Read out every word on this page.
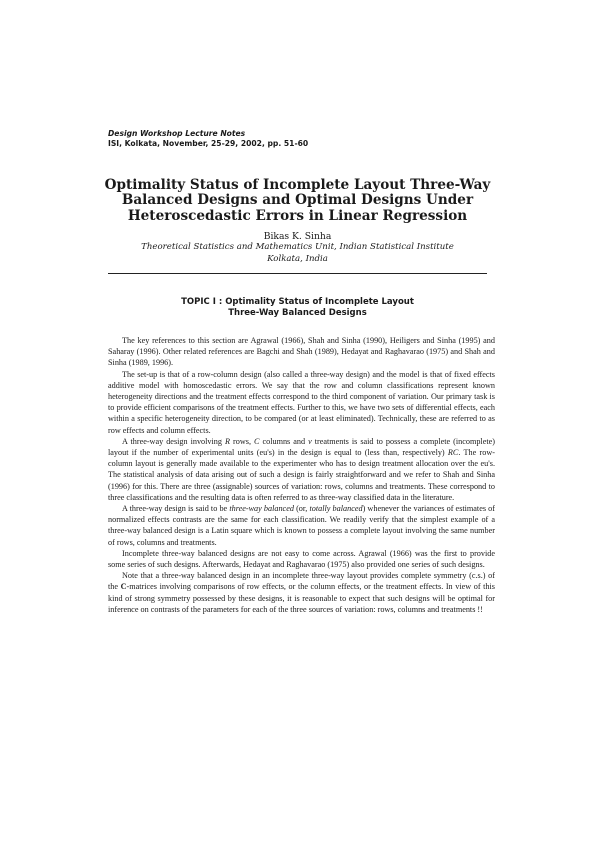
Design Workshop Lecture Notes
ISI, Kolkata, November, 25-29, 2002, pp. 51-60
Optimality Status of Incomplete Layout Three-Way
Balanced Designs and Optimal Designs Under
Heteroscedastic Errors in Linear Regression
Bikas K. Sinha
Theoretical Statistics and Mathematics Unit, Indian Statistical Institute
Kolkata, India
TOPIC I : Optimality Status of Incomplete Layout
Three-Way Balanced Designs

The key references to this section are Agrawal (1966), Shah and Sinha (1990), Heiligers and Sinha (1995) and Saharay (1996). Other related references are Bagchi and Shah (1989), Hedayat and Raghavarao (1975) and Shah and Sinha (1989, 1996).

The set-up is that of a row-column design (also called a three-way design) and the model is that of fixed effects additive model with homoscedastic errors. We say that the row and column classifications represent known heterogeneity directions and the treatment effects correspond to the third component of variation. Our primary task is to provide efficient comparisons of the treatment effects. Further to this, we have two sets of differential effects, each within a specific heterogeneity direction, to be compared (or at least eliminated). Technically, these are referred to as row effects and column effects.

A three-way design involving R rows, C columns and v treatments is said to possess a complete (incomplete) layout if the number of experimental units (eu's) in the design is equal to (less than, respectively) RC. The row-column layout is generally made available to the experimenter who has to design treatment allocation over the eu's. The statistical analysis of data arising out of such a design is fairly straightforward and we refer to Shah and Sinha (1996) for this. There are three (assignable) sources of variation: rows, columns and treatments. These correspond to three classifications and the resulting data is often referred to as three-way classified data in the literature.

A three-way design is said to be three-way balanced (or, totally balanced) whenever the variances of estimates of normalized effects contrasts are the same for each classification. We readily verify that the simplest example of a three-way balanced design is a Latin square which is known to possess a complete layout involving the same number of rows, columns and treatments.

Incomplete three-way balanced designs are not easy to come across. Agrawal (1966) was the first to provide some series of such designs. Afterwards, Hedayat and Raghavarao (1975) also provided one series of such designs.

Note that a three-way balanced design in an incomplete three-way layout provides complete symmetry (c.s.) of the C-matrices involving comparisons of row effects, or the column effects, or the treatment effects. In view of this kind of strong symmetry possessed by these designs, it is reasonable to expect that such designs will be optimal for inference on contrasts of the parameters for each of the three sources of variation: rows, columns and treatments !!
